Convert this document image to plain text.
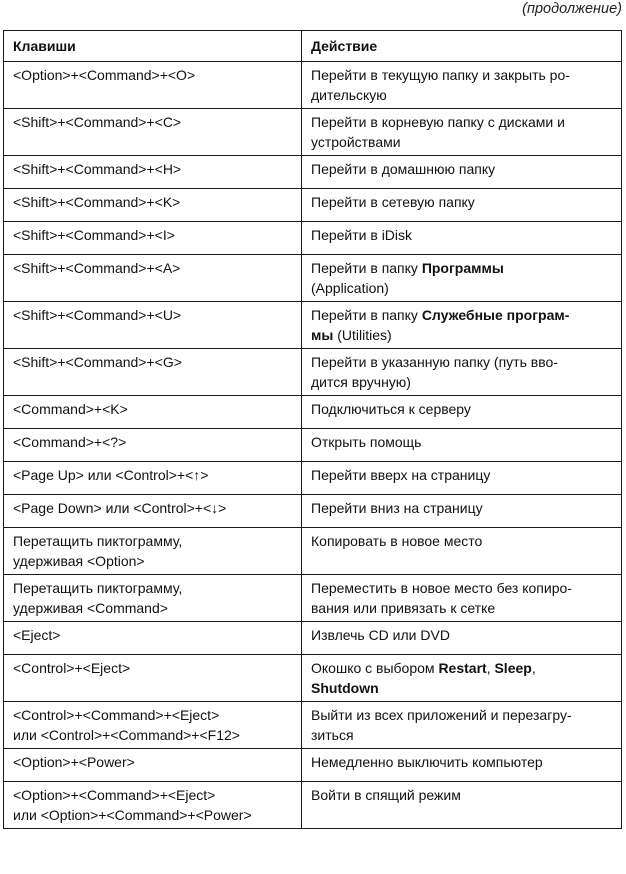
(продолжение)
Клавиши	Действие

<Option>+<Command>+<O>	Перейти в текущую папку и закрыть ро-
дительскую

<Shift>+<Command>+<C>	Перейти в корневую папку с дисками и
устройствами

<Shift>+<Command>+<H>	Перейти в домашнюю папку

<Shift>+<Command>+<K>	Перейти в сетевую папку

<Shift>+<Command>+<I>	Перейти в iDisk

<Shift>+<Command>+<A>	Перейти в папку Программы
(Application)

<Shift>+<Command>+<U>	Перейти в папку Служебные програм-
мы (Utilities)

<Shift>+<Command>+<G>	Перейти в указанную папку (путь вво-
дится вручную)

<Command>+<K>	Подключиться к серверу

<Command>+<?>	Открыть помощь

<Page Up> или <Control>+<↑>	Перейти вверх на страницу

<Page Down> или <Control>+<↓>	Перейти вниз на страницу

Перетащить пиктограмму,
удерживая <Option>	Копировать в новое место

Перетащить пиктограмму,
удерживая <Command>	Переместить в новое место без копиро-
вания или привязать к сетке

<Eject>	Извлечь CD или DVD

<Control>+<Eject>	Окошко с выбором Restart, Sleep,
Shutdown

<Control>+<Command>+<Eject>
или <Control>+<Command>+<F12>	Выйти из всех приложений и перезагру-
зиться

<Option>+<Power>	Немедленно выключить компьютер

<Option>+<Command>+<Eject>
или <Option>+<Command>+<Power>	Войти в спящий режим
